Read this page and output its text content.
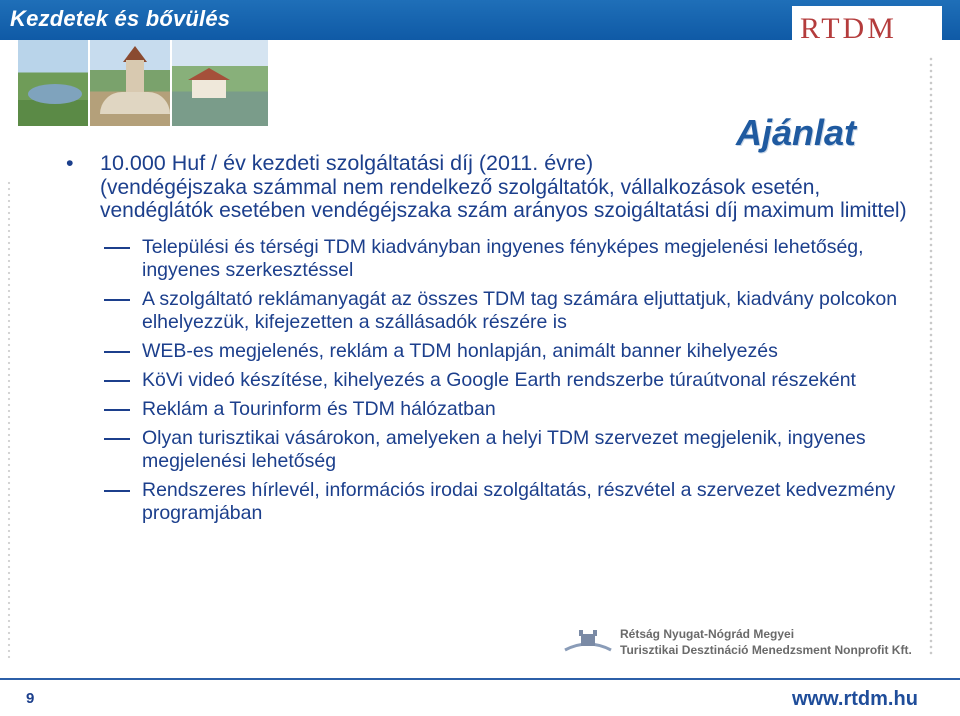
Kezdetek és bővülés	RTDM
Ajánlat
•	10.000 Huf / év kezdeti szolgáltatási díj (2011. évre)
(vendégéjszaka számmal nem rendelkező szolgáltatók, vállalkozások esetén, vendéglátók esetében vendégéjszaka szám arányos szoigáltatási díj maximum limittel)
Települési és térségi TDM kiadványban ingyenes fényképes megjelenési lehetőség, ingyenes szerkesztéssel
A szolgáltató reklámanyagát az összes TDM tag számára eljuttatjuk, kiadvány polcokon elhelyezzük, kifejezetten a szállásadók részére is
WEB-es megjelenés, reklám a TDM honlapján, animált banner kihelyezés
KöVi videó készítése, kihelyezés a Google Earth rendszerbe túraútvonal részeként
Reklám a Tourinform és TDM hálózatban
Olyan turisztikai vásárokon, amelyeken a helyi TDM szervezet megjelenik, ingyenes megjelenési lehetőség
Rendszeres hírlevél, információs irodai szolgáltatás, részvétel a szervezet kedvezmény programjában
Rétság Nyugat-Nógrád Megyei
Turisztikai Desztináció Menedzsment Nonprofit Kft.
9	www.rtdm.hu
